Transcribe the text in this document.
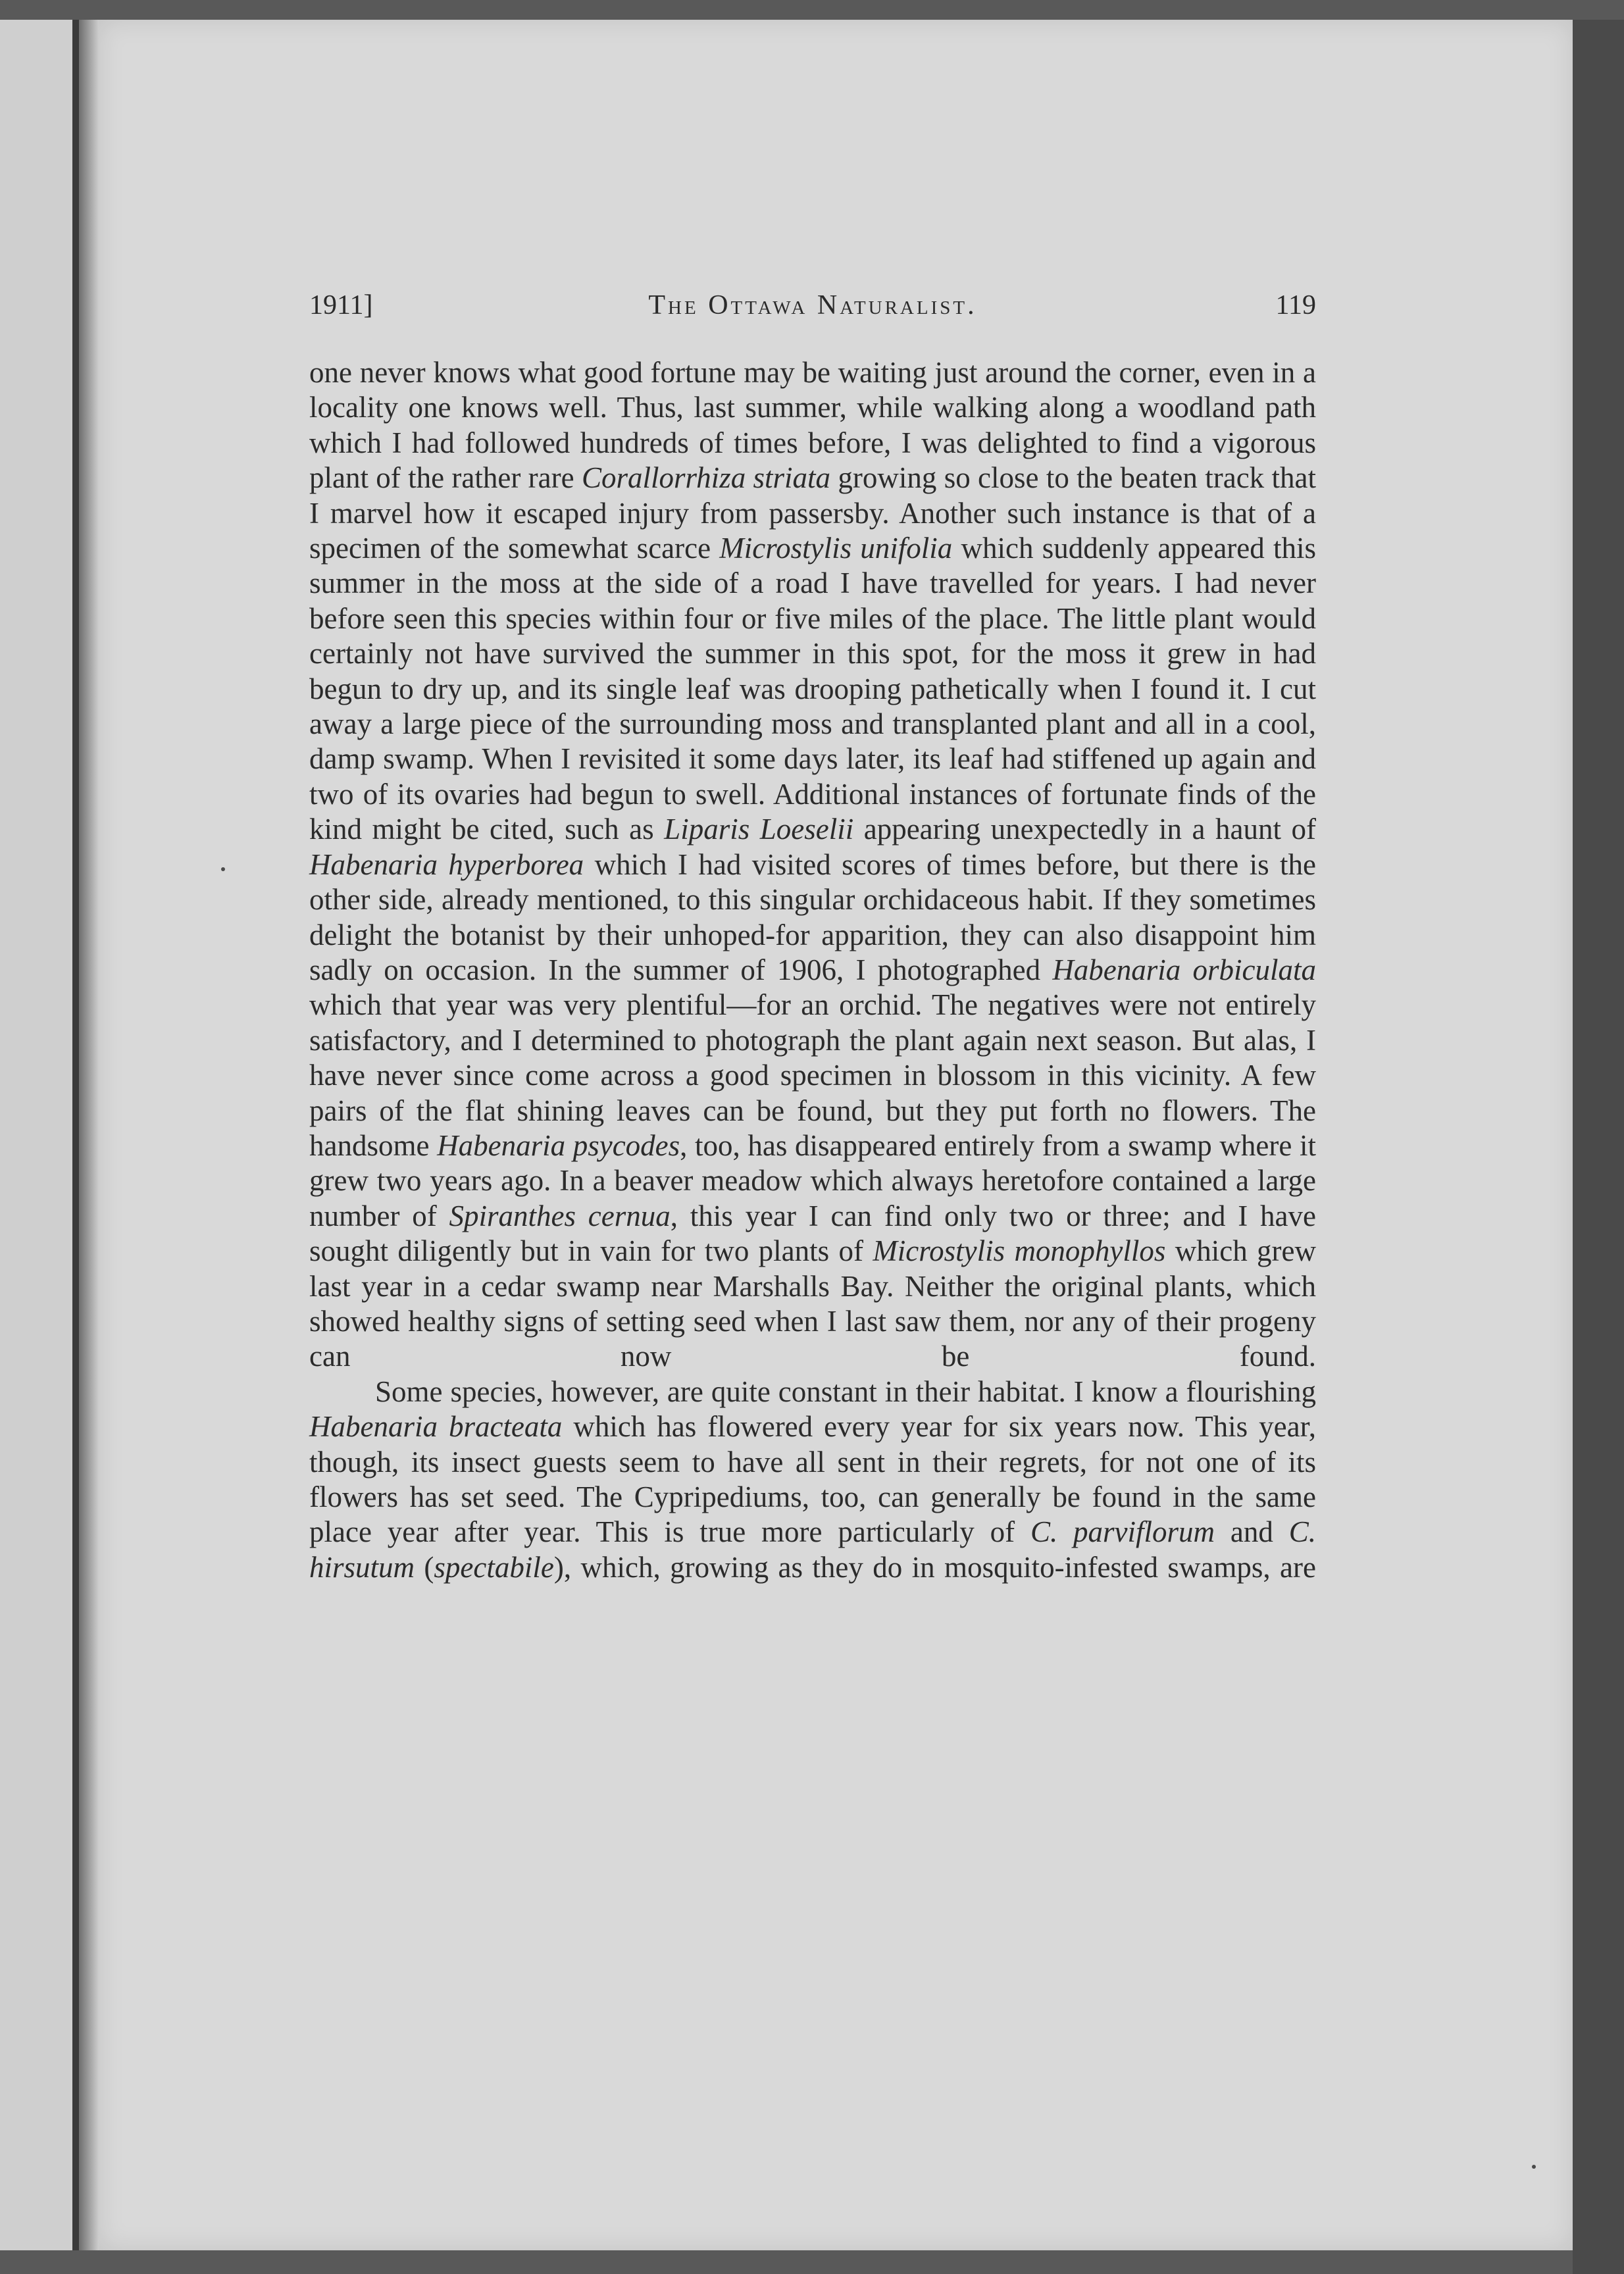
1911]	The Ottawa Naturalist.	119

one never knows what good fortune may be waiting just around the corner, even in a locality one knows well. Thus, last summer, while walking along a woodland path which I had followed hundreds of times before, I was delighted to find a vigorous plant of the rather rare Corallorrhiza striata growing so close to the beaten track that I marvel how it escaped injury from passersby. Another such instance is that of a specimen of the somewhat scarce Microstylis unifolia which suddenly appeared this summer in the moss at the side of a road I have travelled for years. I had never before seen this species within four or five miles of the place. The little plant would certainly not have survived the summer in this spot, for the moss it grew in had begun to dry up, and its single leaf was drooping pathetically when I found it. I cut away a large piece of the surrounding moss and transplanted plant and all in a cool, damp swamp. When I revisited it some days later, its leaf had stiffened up again and two of its ovaries had begun to swell. Additional instances of fortunate finds of the kind might be cited, such as Liparis Loeselii appearing unexpectedly in a haunt of Habenaria hyperborea which I had visited scores of times before, but there is the other side, already mentioned, to this singular orchidaceous habit. If they sometimes delight the botanist by their unhoped-for apparition, they can also disappoint him sadly on occasion. In the summer of 1906, I photographed Habenaria orbiculata which that year was very plentiful—for an orchid. The negatives were not entirely satisfactory, and I determined to photograph the plant again next season. But alas, I have never since come across a good specimen in blossom in this vicinity. A few pairs of the flat shining leaves can be found, but they put forth no flowers. The handsome Habenaria psycodes, too, has disappeared entirely from a swamp where it grew two years ago. In a beaver meadow which always heretofore contained a large number of Spiranthes cernua, this year I can find only two or three; and I have sought diligently but in vain for two plants of Microstylis monophyllos which grew last year in a cedar swamp near Marshalls Bay. Neither the original plants, which showed healthy signs of setting seed when I last saw them, nor any of their progeny can now be found.

Some species, however, are quite constant in their habitat. I know a flourishing Habenaria bracteata which has flowered every year for six years now. This year, though, its insect guests seem to have all sent in their regrets, for not one of its flowers has set seed. The Cypripediums, too, can generally be found in the same place year after year. This is true more particularly of C. parviflorum and C. hirsutum (spectabile), which, growing as they do in mosquito-infested swamps, are
